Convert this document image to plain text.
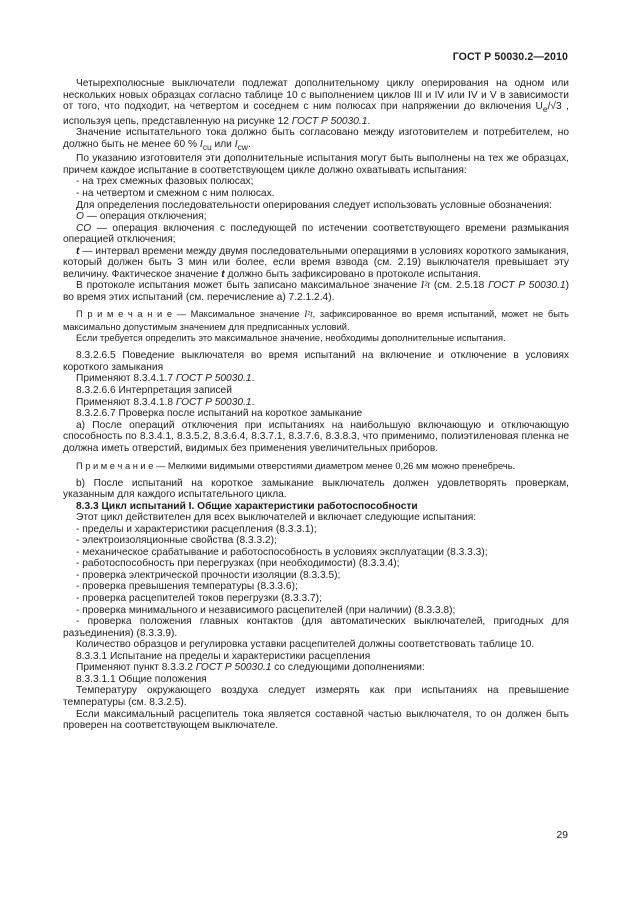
ГОСТ Р 50030.2—2010

Четырехполюсные выключатели подлежат дополнительному циклу оперирования на одном или нескольких новых образцах согласно таблице 10 с выполнением циклов III и IV или IV и V в зависимости от того, что подходит, на четвертом и соседнем с ним полюсах при напряжении до включения $U_e/√3$ , используя цепь, представленную на рисунке 12 ГОСТ Р 50030.1.

Значение испытательного тока должно быть согласовано между изготовителем и потребителем, но должно быть не менее 60 % $I_{cu}$ или $I_{cw}$.

По указанию изготовителя эти дополнительные испытания могут быть выполнены на тех же образцах, причем каждое испытание в соответствующем цикле должно охватывать испытания:

- на трех смежных фазовых полюсах;

- на четвертом и смежном с ним полюсах.

Для определения последовательности оперирования следует использовать условные обозначения:

О — операция отключения;

СО — операция включения с последующей по истечении соответствующего времени размыкания операцией отключения;

t — интервал времени между двумя последовательными операциями в условиях короткого замыкания, который должен быть 3 мин или более, если время взвода (см. 2.19) выключателя превышает эту величину. Фактическое значение t должно быть зафиксировано в протоколе испытания.

В протоколе испытания может быть записано максимальное значение I²t (см. 2.5.18 ГОСТ Р 50030.1) во время этих испытаний (см. перечисление а) 7.2.1.2.4).

П р и м е ч а н и е — Максимальное значение I²t, зафиксированное во время испытаний, может не быть максимально допустимым значением для предписанных условий.

Если требуется определить это максимальное значение, необходимы дополнительные испытания.

8.3.2.6.5 Поведение выключателя во время испытаний на включение и отключение в условиях короткого замыкания

Применяют 8.3.4.1.7 ГОСТ Р 50030.1.

8.3.2.6.6 Интерпретация записей

Применяют 8.3.4.1.8 ГОСТ Р 50030.1.

8.3.2.6.7 Проверка после испытаний на короткое замыкание

а) После операций отключения при испытаниях на наибольшую включающую и отключающую способность по 8.3.4.1, 8.3.5.2, 8.3.6.4, 8.3.7.1, 8.3.7.6, 8.3.8.3, что применимо, полиэтиленовая пленка не должна иметь отверстий, видимых без применения увеличительных приборов.

П р и м е ч а н и е — Мелкими видимыми отверстиями диаметром менее 0,26 мм можно пренебречь.

b) После испытаний на короткое замыкание выключатель должен удовлетворять проверкам, указанным для каждого испытательного цикла.

8.3.3 Цикл испытаний I. Общие характеристики работоспособности

Этот цикл действителен для всех выключателей и включает следующие испытания:

- пределы и характеристики расцепления (8.3.3.1);

- электроизоляционные свойства (8.3.3.2);

- механическое срабатывание и работоспособность в условиях эксплуатации (8.3.3.3);

- работоспособность при перегрузках (при необходимости) (8.3.3.4);

- проверка электрической прочности изоляции (8.3.3.5);

- проверка превышения температуры (8.3.3.6);

- проверка расцепителей токов перегрузки (8.3.3.7);

- проверка минимального и независимого расцепителей (при наличии) (8.3.3.8);

- проверка положения главных контактов (для автоматических выключателей, пригодных для разъединения) (8.3.3.9).

Количество образцов и регулировка уставки расцепителей должны соответствовать таблице 10.

8.3.3.1 Испытание на пределы и характеристики расцепления

Применяют пункт 8.3.3.2 ГОСТ Р 50030.1 со следующими дополнениями:

8.3.3.1.1 Общие положения

Температуру окружающего воздуха следует измерять как при испытаниях на превышение температуры (см. 8.3.2.5).

Если максимальный расцепитель тока является составной частью выключателя, то он должен быть проверен на соответствующем выключателе.

29
